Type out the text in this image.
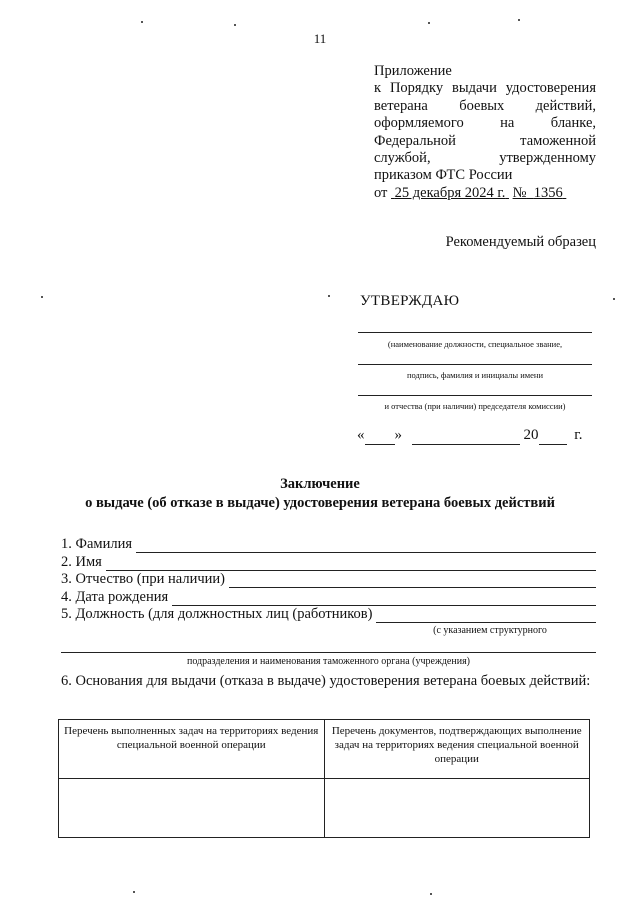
11
Приложение
к Порядку выдачи удостоверения
ветерана боевых действий,
оформляемого на бланке,
Федеральной таможенной
службой, утвержденному
приказом ФТС России
от 25 декабря 2024 г. № 1356
Рекомендуемый образец
УТВЕРЖДАЮ
(наименование должности, специальное звание,
подпись, фамилия и инициалы имени
и отчества (при наличии) председателя комиссии)
« »	20 г.
Заключение
о выдаче (об отказе в выдаче) удостоверения ветерана боевых действий
1. Фамилия
2. Имя
3. Отчество (при наличии)
4. Дата рождения
5. Должность (для должностных лиц (работников)
(с указанием структурного
подразделения и наименования таможенного органа (учреждения)
6. Основания для выдачи (отказа в выдаче) удостоверения ветерана боевых действий:
Перечень выполненных задач на территориях ведения специальной военной операции	Перечень документов, подтверждающих выполнение задач на территориях ведения специальной военной операции
